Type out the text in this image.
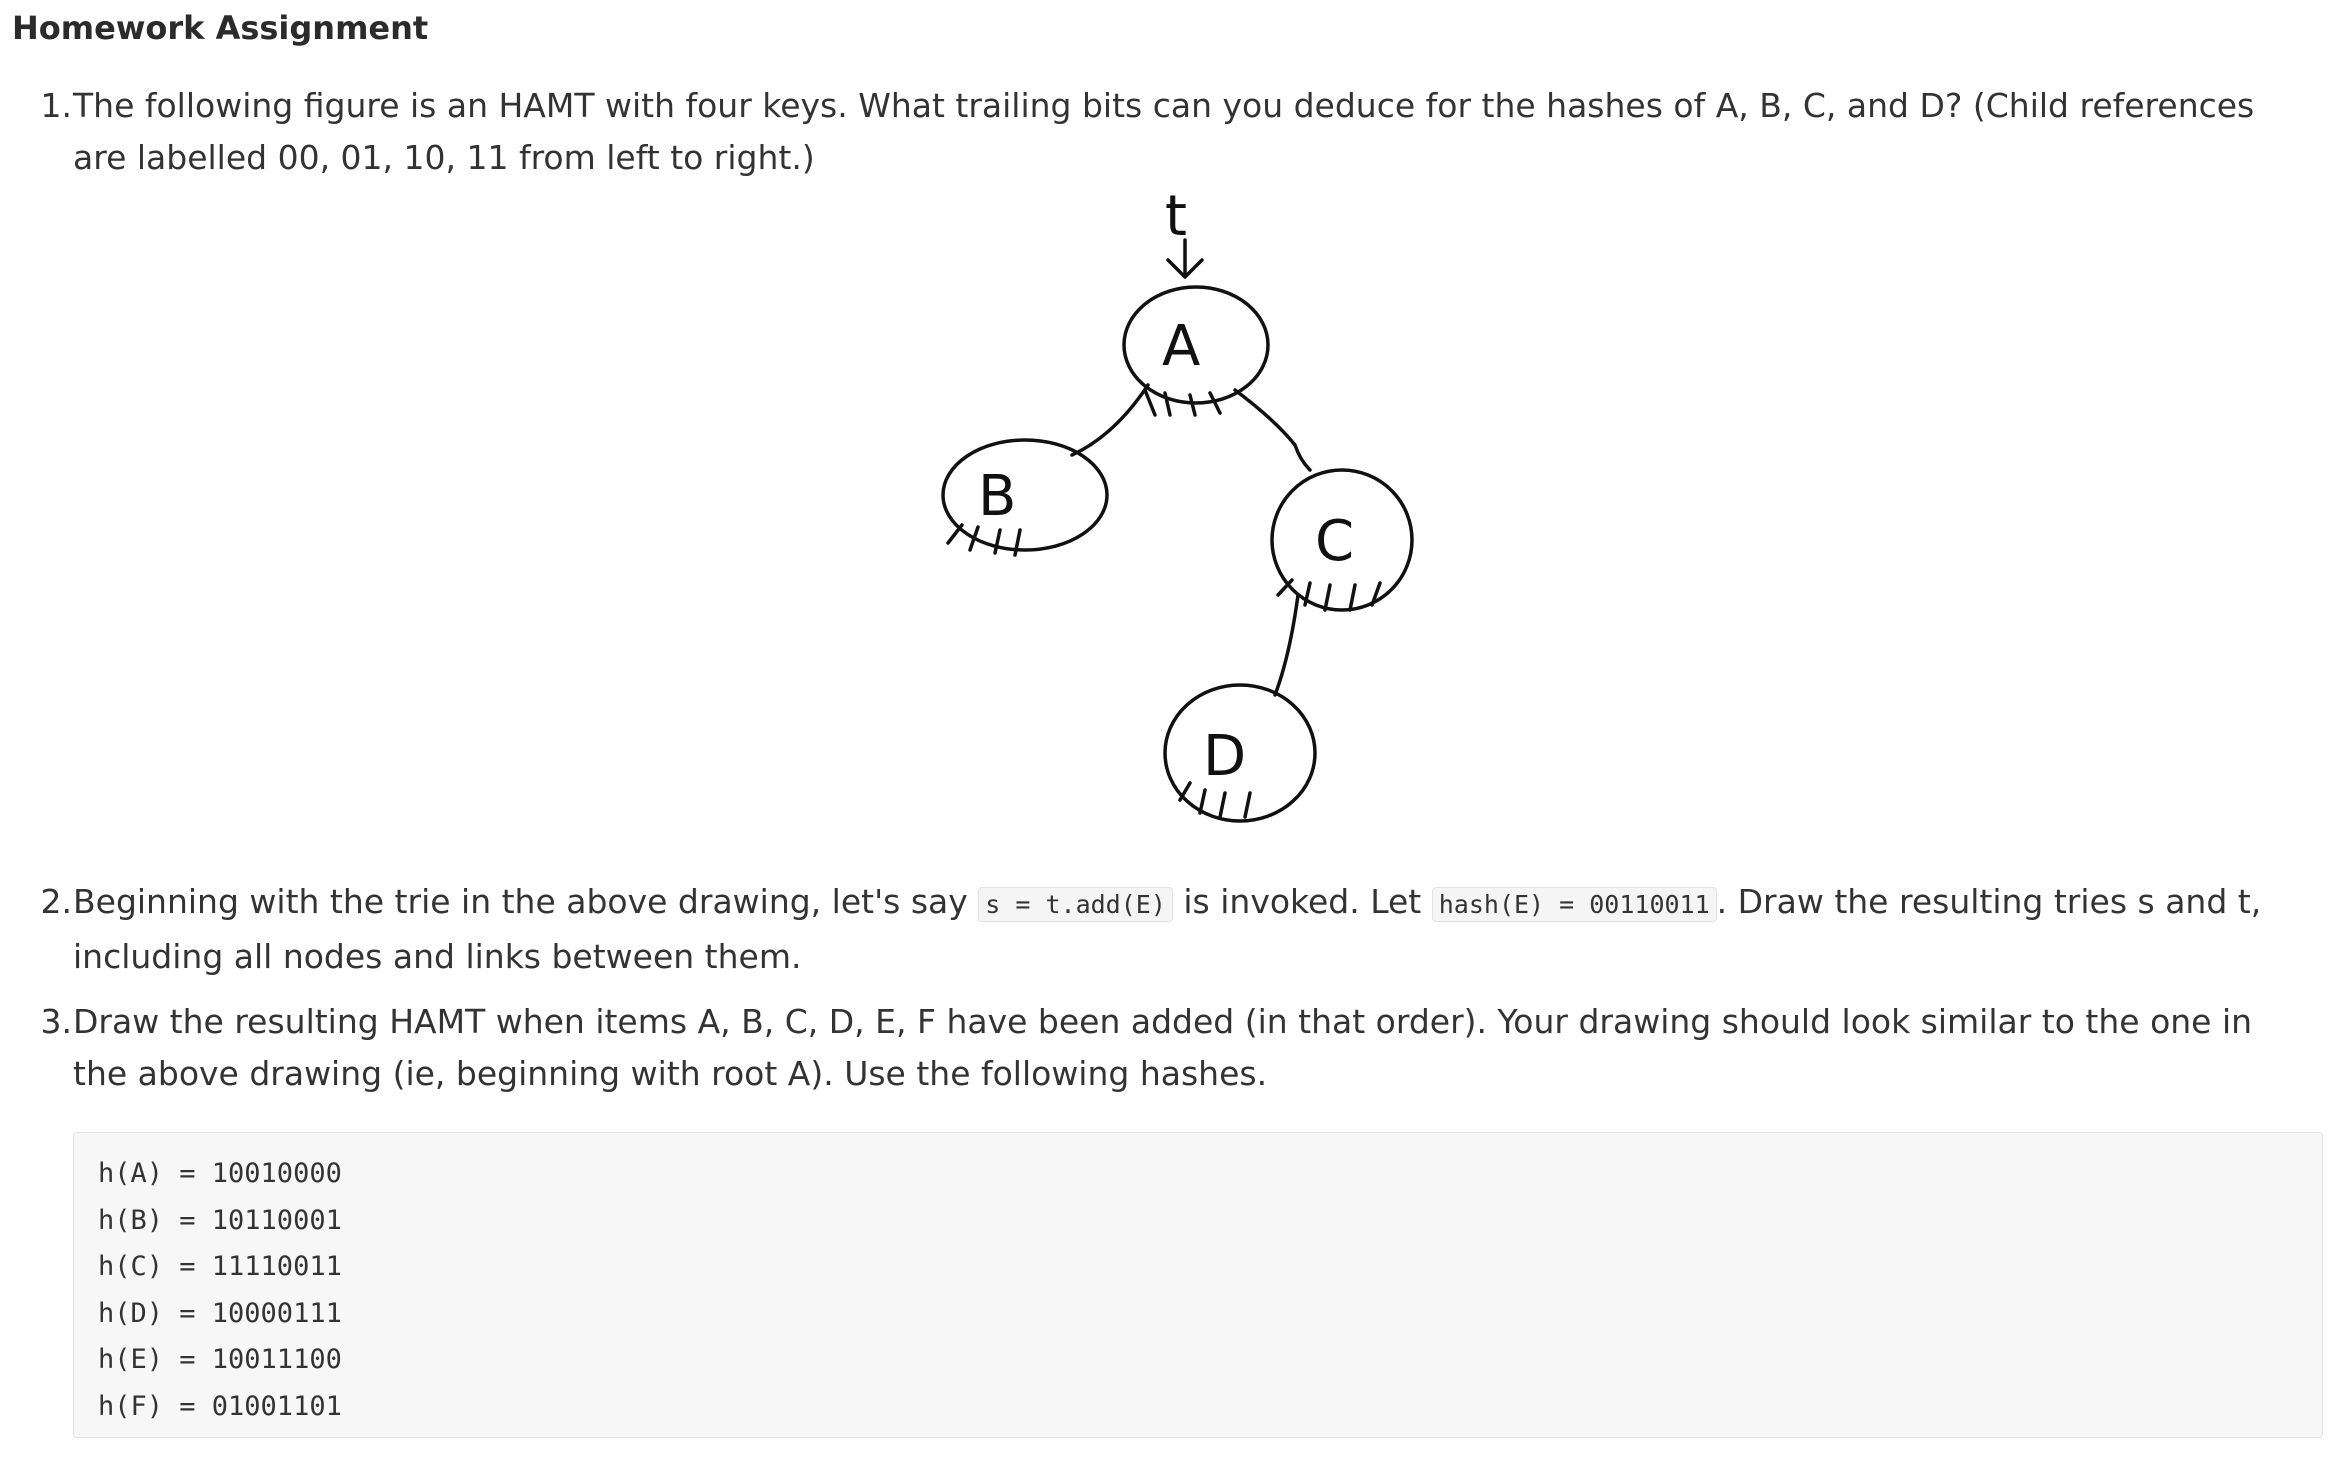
Homework Assignment
1. The following figure is an HAMT with four keys. What trailing bits can you deduce for the hashes of A, B, C, and D? (Child references are labelled 00, 01, 10, 11 from left to right.)
t
A
B
C
D
2. Beginning with the trie in the above drawing, let's say s = t.add(E) is invoked. Let hash(E) = 00110011 . Draw the resulting tries s and t, including all nodes and links between them.
3. Draw the resulting HAMT when items A, B, C, D, E, F have been added (in that order). Your drawing should look similar to the one in the above drawing (ie, beginning with root A). Use the following hashes.
h(A) = 10010000
h(B) = 10110001
h(C) = 11110011
h(D) = 10000111
h(E) = 10011100
h(F) = 01001101
